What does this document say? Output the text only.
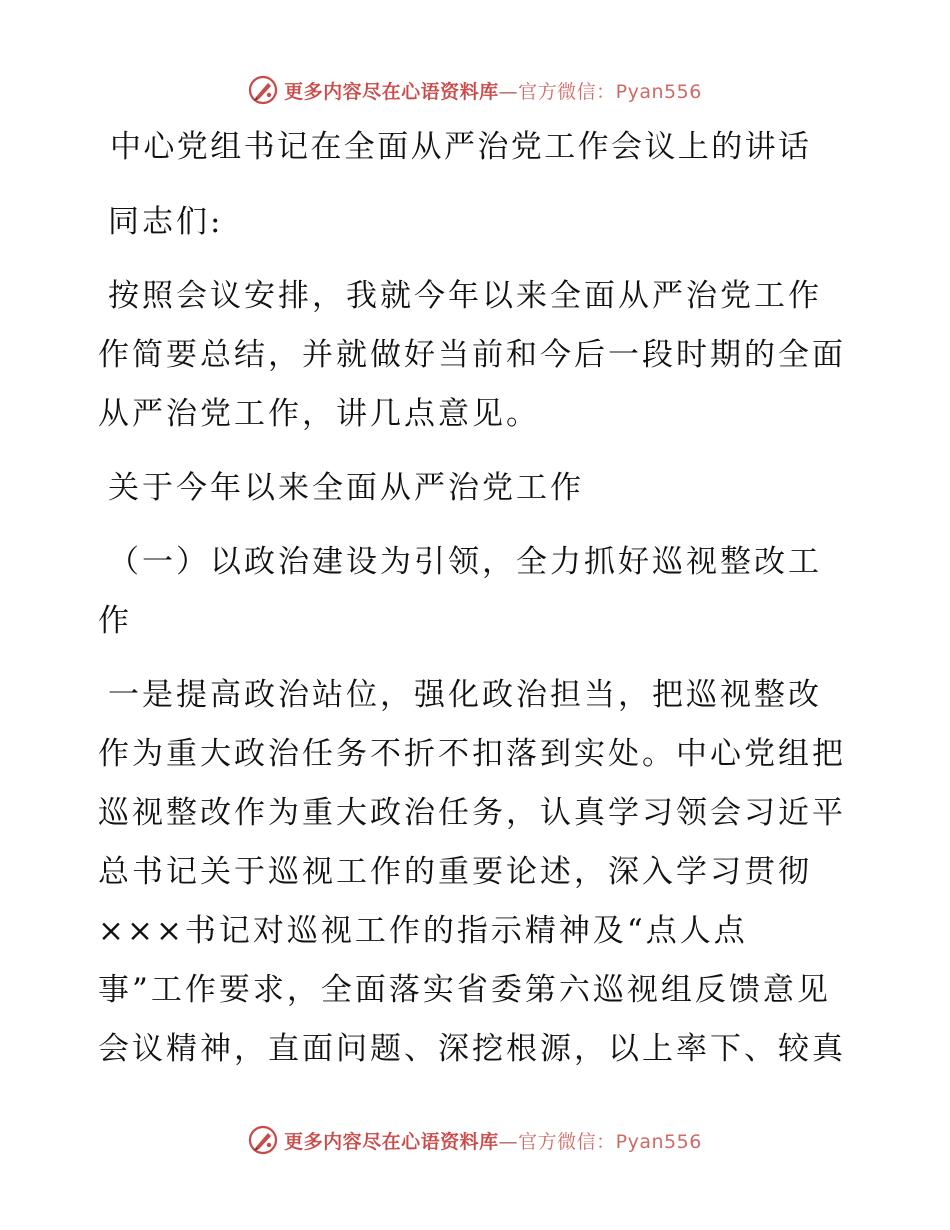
更多内容尽在心语资料库—官方微信：Pyan556
中心党组书记在全面从严治党工作会议上的讲话
同志们:
按照会议安排，我就今年以来全面从严治党工作
作简要总结，并就做好当前和今后一段时期的全面
从严治党工作，讲几点意见。
关于今年以来全面从严治党工作
（一）以政治建设为引领，全力抓好巡视整改工
作
一是提高政治站位，强化政治担当，把巡视整改
作为重大政治任务不折不扣落到实处。中心党组把
巡视整改作为重大政治任务，认真学习领会习近平
总书记关于巡视工作的重要论述，深入学习贯彻
×××书记对巡视工作的指示精神及“点人点
事”工作要求，全面落实省委第六巡视组反馈意见
会议精神，直面问题、深挖根源，以上率下、较真
更多内容尽在心语资料库—官方微信：Pyan556
